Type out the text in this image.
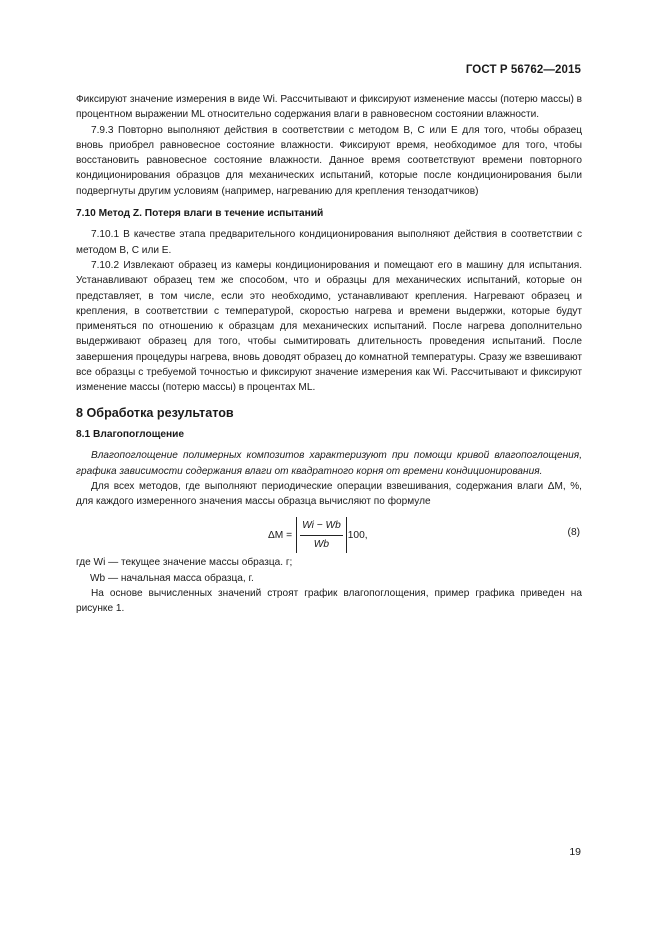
ГОСТ Р 56762—2015

Фиксируют значение измерения в виде Wi. Рассчитывают и фиксируют изменение массы (потерю массы) в процентном выражении ML относительно содержания влаги в равновесном состоянии влажности.

7.9.3 Повторно выполняют действия в соответствии с методом В, С или Е для того, чтобы образец вновь приобрел равновесное состояние влажности. Фиксируют время, необходимое для того, чтобы восстановить равновесное состояние влажности. Данное время соответствуют времени повторного кондиционирования образцов для механических испытаний, которые после кондиционирования были подвергнуты другим условиям (например, нагреванию для крепления тензодатчиков)

7.10 Метод Z. Потеря влаги в течение испытаний

7.10.1 В качестве этапа предварительного кондиционирования выполняют действия в соответствии с методом В, С или Е.

7.10.2 Извлекают образец из камеры кондиционирования и помещают его в машину для испытания. Устанавливают образец тем же способом, что и образцы для механических испытаний, которые он представляет, в том числе, если это необходимо, устанавливают крепления. Нагревают образец и крепления, в соответствии с температурой, скоростью нагрева и времени выдержки, которые будут применяться по отношению к образцам для механических испытаний. После нагрева дополнительно выдерживают образец для того, чтобы сымитировать длительность проведения испытаний. После завершения процедуры нагрева, вновь доводят образец до комнатной температуры. Сразу же взвешивают все образцы с требуемой точностью и фиксируют значение измерения как Wi. Рассчитывают и фиксируют изменение массы (потерю массы) в процентах ML.

8 Обработка результатов
8.1 Влагопоглощение

Влагопоглощение полимерных композитов характеризуют при помощи кривой влагопоглощения, графика зависимости содержания влаги от квадратного корня от времени кондиционирования.

Для всех методов, где выполняют периодические операции взвешивания, содержания влаги ΔM, %, для каждого измеренного значения массы образца вычисляют по формуле

$\Delta M = \frac{Wi - Wb}{Wb} 100$,	(8)

где Wi — текущее значение массы образца. г;

Wb — начальная масса образца, г.

На основе вычисленных значений строят график влагопоглощения, пример графика приведен на рисунке 1.

19
